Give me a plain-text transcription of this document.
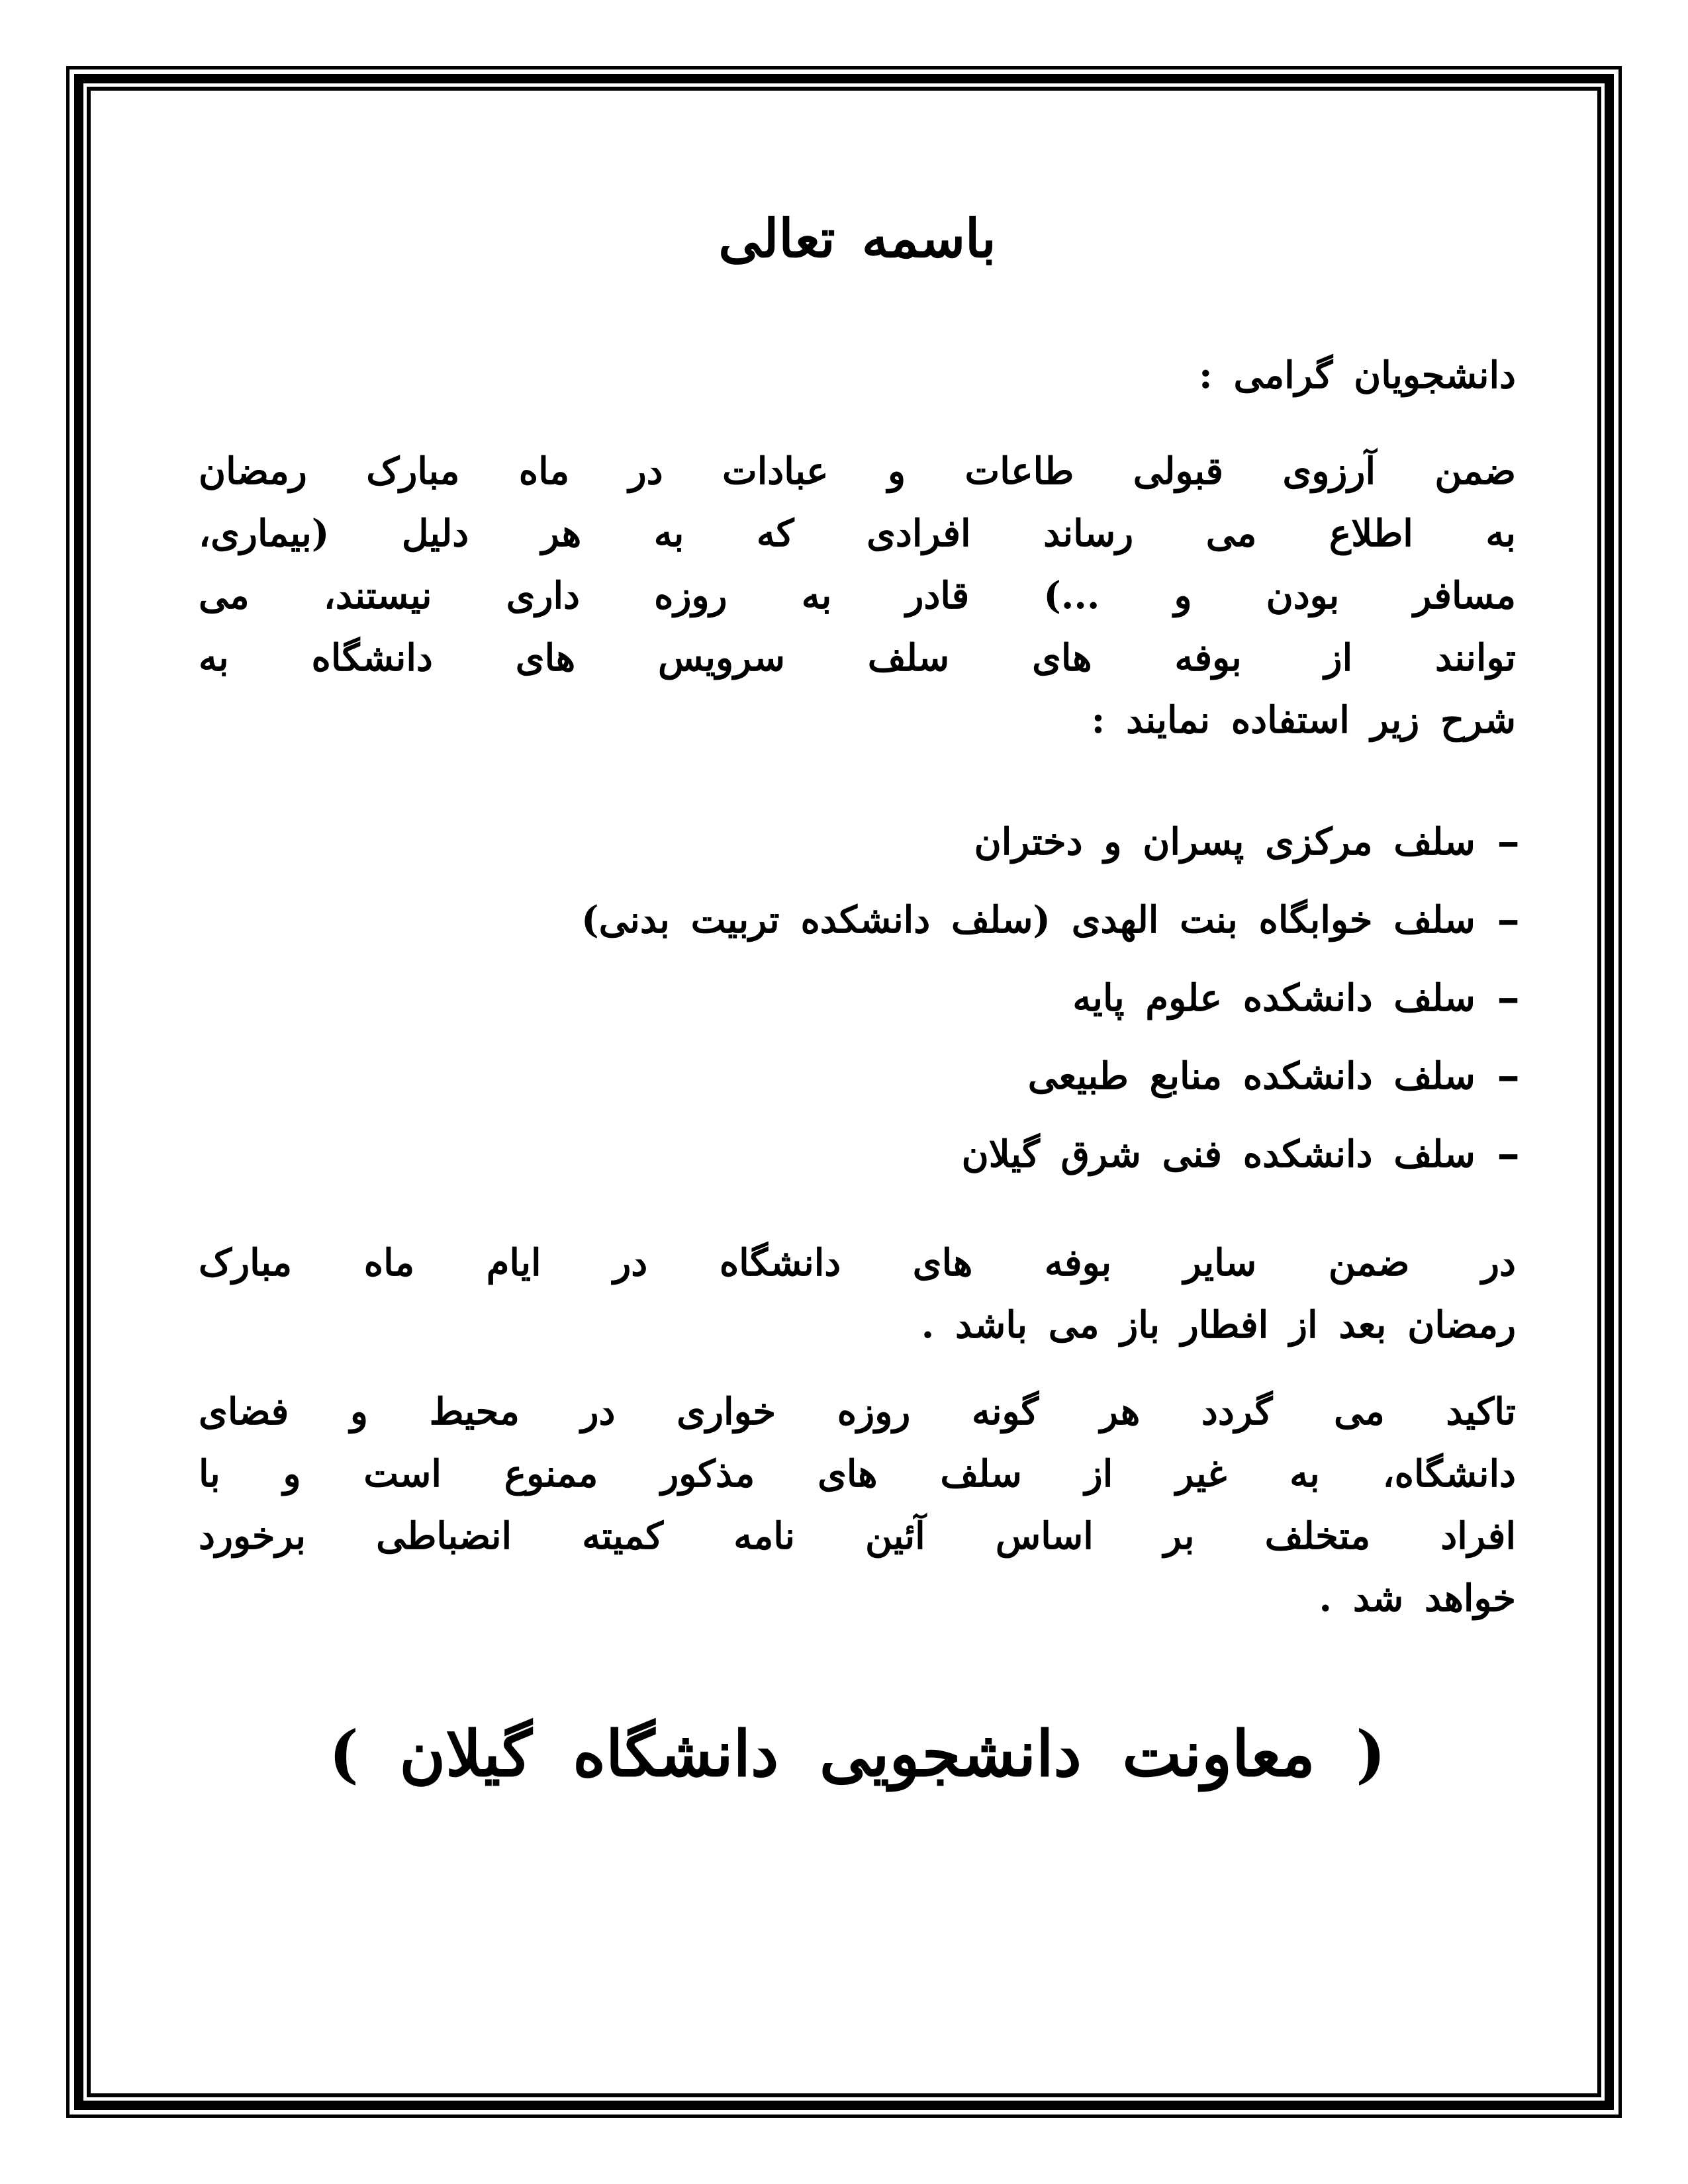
باسمه تعالی
دانشجویان گرامی :
ضمن آرزوی قبولی طاعات و عبادات در ماه مبارک رمضان
به اطلاع می رساند افرادی که به هر دلیل (بیماری،
مسافر بودن و ...) قادر به روزه داری نیستند، می
توانند از بوفه های سلف سرویس های دانشگاه به
شرح زیر استفاده نمایند :
-
سلف مرکزی پسران و دختران
-
سلف خوابگاه بنت الهدی (سلف دانشکده تربیت بدنی)
-
سلف دانشکده علوم پایه
-
سلف دانشکده منابع طبیعی
-
سلف دانشکده فنی شرق گیلان
در ضمن سایر بوفه های دانشگاه در ایام ماه مبارک
رمضان بعد از افطار باز می باشد .
تاکید می گردد هر گونه روزه خواری در محیط و فضای
دانشگاه، به غیر از سلف های مذکور ممنوع است و با
افراد متخلف بر اساس آئین نامه کمیته انضباطی برخورد
خواهد شد .
( معاونت دانشجویی دانشگاه گیلان )
